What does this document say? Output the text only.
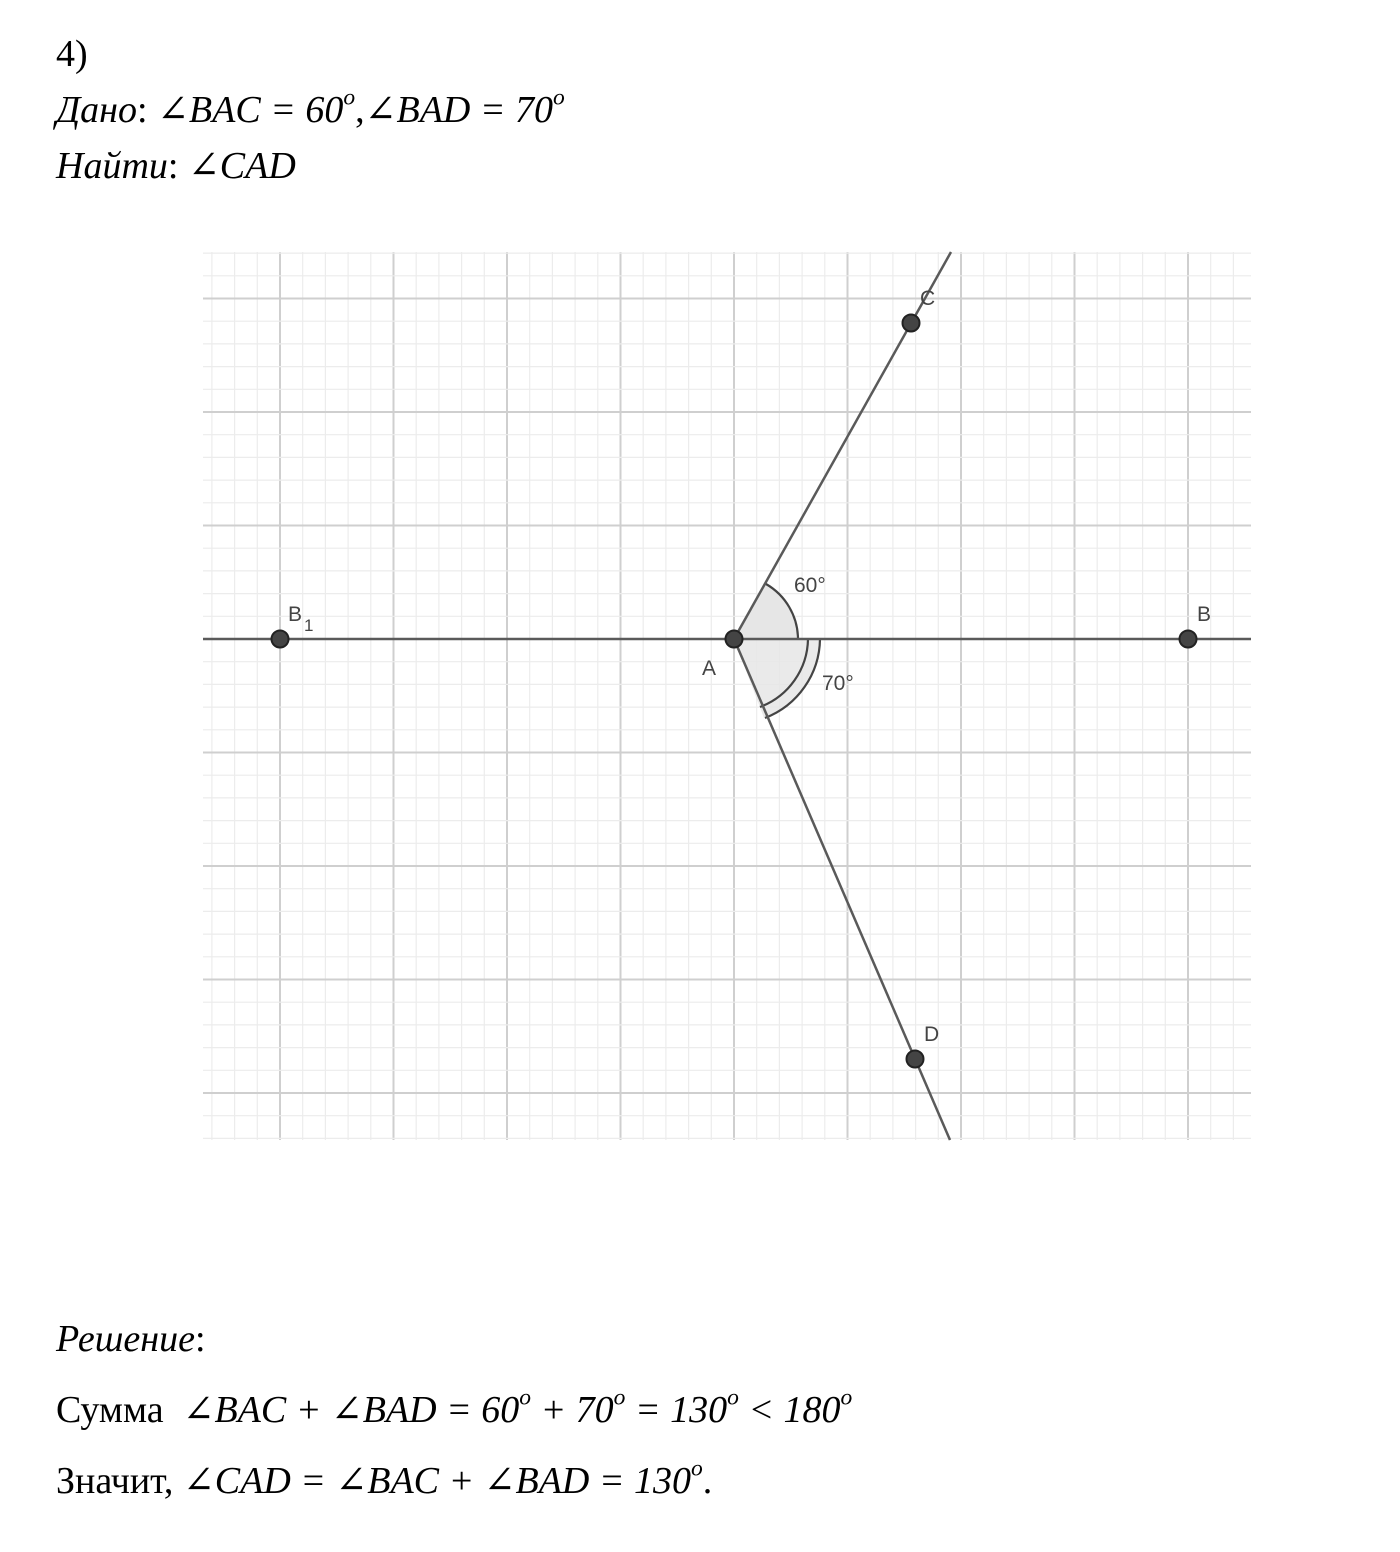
4)
Дано: ∠BAC = $60^o,\angle BAD = 70^o$
Найти: ∠CAD
B $_1$
A
B
C
D
60°
70°
Решение:
Сумма ∠BAC + ∠BAD = $60^o + 70^o = 130^o < 180^o$
Значит, ∠CAD = ∠BAC + ∠BAD = $130^o$.
